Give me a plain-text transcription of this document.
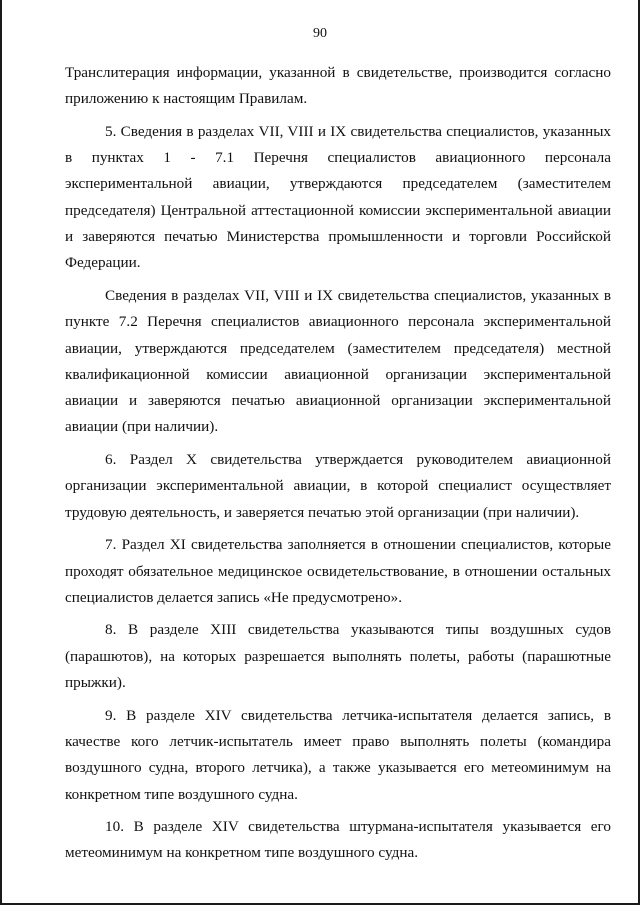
90

Транслитерация информации, указанной в свидетельстве, производится согласно приложению к настоящим Правилам.

5. Сведения в разделах VII, VIII и IX свидетельства специалистов, указанных в пунктах 1 - 7.1 Перечня специалистов авиационного персонала экспериментальной авиации, утверждаются председателем (заместителем председателя) Центральной аттестационной комиссии экспериментальной авиации и заверяются печатью Министерства промышленности и торговли Российской Федерации.

Сведения в разделах VII, VIII и IX свидетельства специалистов, указанных в пункте 7.2 Перечня специалистов авиационного персонала экспериментальной авиации, утверждаются председателем (заместителем председателя) местной квалификационной комиссии авиационной организации экспериментальной авиации и заверяются печатью авиационной организации экспериментальной авиации (при наличии).

6. Раздел X свидетельства утверждается руководителем авиационной организации экспериментальной авиации, в которой специалист осуществляет трудовую деятельность, и заверяется печатью этой организации (при наличии).

7. Раздел XI свидетельства заполняется в отношении специалистов, которые проходят обязательное медицинское освидетельствование, в отношении остальных специалистов делается запись «Не предусмотрено».

8. В разделе XIII свидетельства указываются типы воздушных судов (парашютов), на которых разрешается выполнять полеты, работы (парашютные прыжки).

9. В разделе XIV свидетельства летчика-испытателя делается запись, в качестве кого летчик-испытатель имеет право выполнять полеты (командира воздушного судна, второго летчика), а также указывается его метеоминимум на конкретном типе воздушного судна.

10. В разделе XIV свидетельства штурмана-испытателя указывается его метеоминимум на конкретном типе воздушного судна.
